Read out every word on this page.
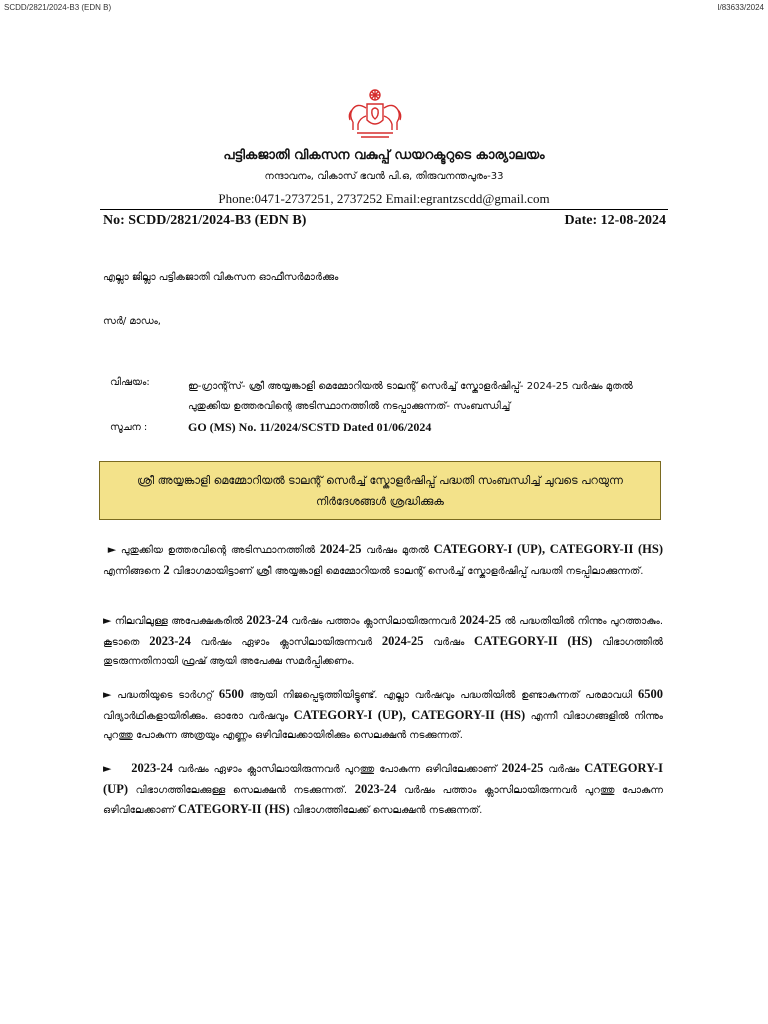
SCDD/2821/2024-B3 (EDN B)	I/83633/2024
പട്ടികജാതി വികസന വകുപ്പ് ഡയറക്ടറുടെ കാര്യാലയം
നന്ദാവനം, വികാസ് ഭവൻ പി.ഒ, തിരുവനന്തപുരം-33
Phone:0471-2737251, 2737252 Email:egrantzscdd@gmail.com
No: SCDD/2821/2024-B3 (EDN B)	Date: 12-08-2024
എല്ലാ ജില്ലാ പട്ടികജാതി വികസന ഓഫീസർമാർക്കും
സർ/ മാഡം,
വിഷയം:	ഇ-ഗ്രാന്റ്സ്- ശ്രീ അയ്യങ്കാളി മെമ്മോറിയൽ ടാലന്റ് സെർച്ച് സ്കോളർഷിപ്പ്- 2024-25 വർഷം മുതൽ പുതുക്കിയ ഉത്തരവിന്റെ അടിസ്ഥാനത്തിൽ നടപ്പാക്കുന്നത്- സംബന്ധിച്ച്
സൂചന :	GO (MS) No. 11/2024/SCSTD Dated 01/06/2024
ശ്രീ അയ്യങ്കാളി മെമ്മോറിയൽ ടാലന്റ് സെർച്ച് സ്കോളർഷിപ്പ് പദ്ധതി സംബന്ധിച്ച് ചുവടെ പറയുന്ന
നിർദേശങ്ങൾ ശ്രദ്ധിക്കുക
► പുതുക്കിയ ഉത്തരവിന്റെ അടിസ്ഥാനത്തിൽ 2024-25 വർഷം മുതൽ CATEGORY-I (UP), CATEGORY-II (HS) എന്നിങ്ങനെ 2 വിഭാഗമായിട്ടാണ് ശ്രീ അയ്യങ്കാളി മെമ്മോറിയൽ ടാലന്റ് സെർച്ച് സ്കോളർഷിപ്പ് പദ്ധതി നടപ്പിലാക്കുന്നത്.
► നിലവിലുള്ള അപേക്ഷകരിൽ 2023-24 വർഷം പത്താം ക്ലാസിലായിരുന്നവർ 2024-25 ൽ പദ്ധതിയിൽ നിന്നും പുറത്താകും. കൂടാതെ 2023-24 വർഷം ഏഴാം ക്ലാസിലായിരുന്നവർ 2024-25 വർഷം CATEGORY-II (HS) വിഭാഗത്തിൽ തുടരുന്നതിനായി ഫ്രഷ് ആയി അപേക്ഷ സമർപ്പിക്കണം.
► പദ്ധതിയുടെ ടാർഗറ്റ് 6500 ആയി നിജപ്പെടുത്തിയിട്ടുണ്ട്. എല്ലാ വർഷവും പദ്ധതിയിൽ ഉണ്ടാകുന്നത് പരമാവധി 6500 വിദ്യാർഥികളായിരിക്കും. ഓരോ വർഷവും CATEGORY-I (UP), CATEGORY-II (HS) എന്നീ വിഭാഗങ്ങളിൽ നിന്നും പുറത്തു പോകുന്ന അത്രയും എണ്ണം ഒഴിവിലേക്കായിരിക്കും സെലക്ഷൻ നടക്കുന്നത്.
► 2023-24 വർഷം ഏഴാം ക്ലാസിലായിരുന്നവർ പുറത്തു പോകുന്ന ഒഴിവിലേക്കാണ് 2024-25 വർഷം CATEGORY-I (UP) വിഭാഗത്തിലേക്കുള്ള സെലക്ഷൻ നടക്കുന്നത്. 2023-24 വർഷം പത്താം ക്ലാസിലായിരുന്നവർ പുറത്തു പോകുന്ന ഒഴിവിലേക്കാണ് CATEGORY-II (HS) വിഭാഗത്തിലേക്ക് സെലക്ഷൻ നടക്കുന്നത്.
